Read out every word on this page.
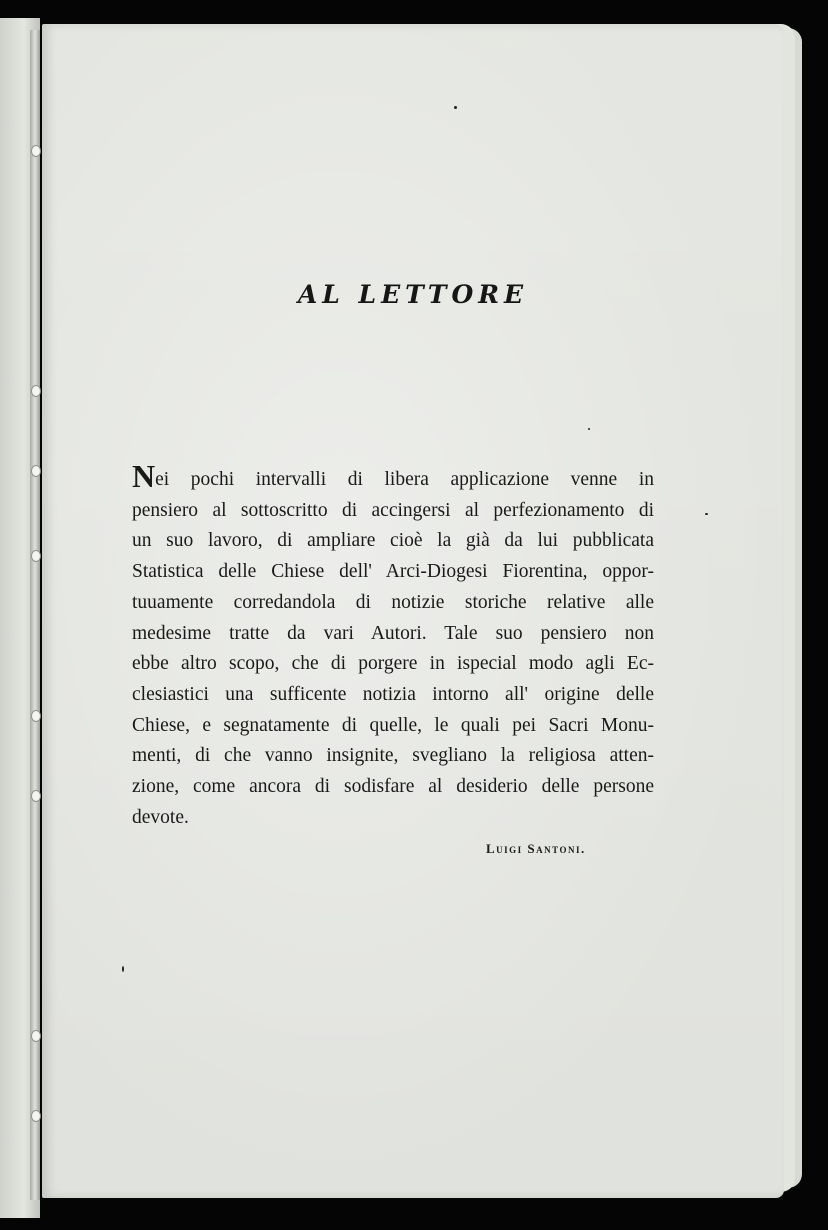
AL LETTORE
Nei pochi intervalli di libera applicazione venne in
pensiero al sottoscritto di accingersi al perfezionamento di
un suo lavoro, di ampliare cioè la già da lui pubblicata
Statistica delle Chiese dell' Arci-Diogesi Fiorentina, oppor-
tuuamente corredandola di notizie storiche relative alle
medesime tratte da vari Autori. Tale suo pensiero non
ebbe altro scopo, che di porgere in ispecial modo agli Ec-
clesiastici una sufficente notizia intorno all' origine delle
Chiese, e segnatamente di quelle, le quali pei Sacri Monu-
menti, di che vanno insignite, svegliano la religiosa atten-
zione, come ancora di sodisfare al desiderio delle persone
devote.
Luigi Santoni.
